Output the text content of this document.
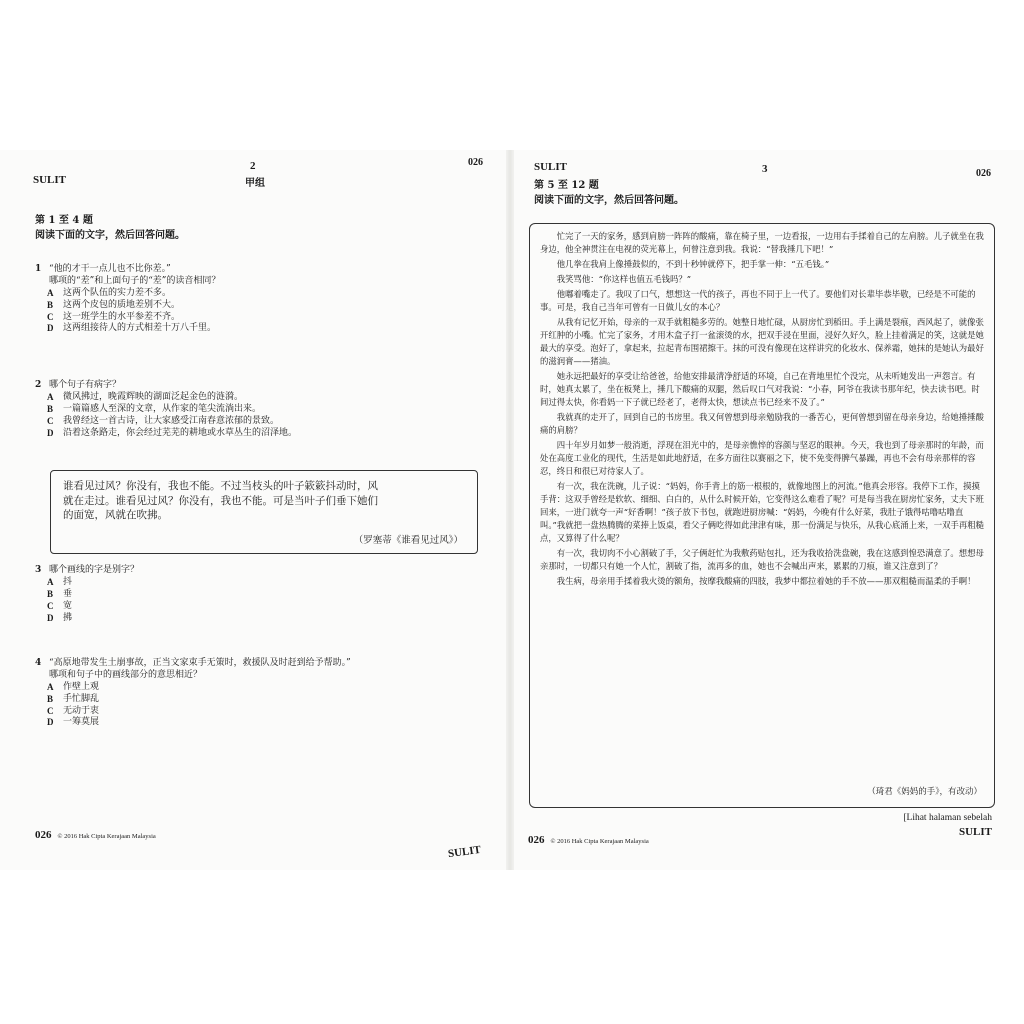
SULIT
2
甲组
026
第 1 至 4 题
阅读下面的文字，然后回答问题。
1 “他的才干一点儿也不比你差。”
哪项的“差”和上面句子的“差”的读音相同？
A	这两个队伍的实力差不多。
B	这两个皮包的质地差别不大。
C	这一班学生的水平参差不齐。
D	这两组接待人的方式相差十万八千里。
2 哪个句子有病字？
A	微风拂过，晚霞辉映的湖面泛起金色的涟漪。
B	一篇篇感人至深的文章，从作家的笔尖流淌出来。
C	我曾经这一首古诗，让大家感受江南春意浓郁的景致。
D	沿着这条路走，你会经过芜芜的耕地或水草丛生的沼泽地。
谁看见过风？你没有，我也不能。不过当枝头的叶子簌簌抖动时，风
就在走过。谁看见过风？你没有，我也不能。可是当叶子们垂下她们
的面宽，风就在吹拂。
（罗塞蒂《谁看见过风》）
3 哪个画线的字是别字？
A	抖
B	垂
C	宽
D	拂
4 “高原地带发生土崩事故，正当文家束手无策时，救援队及时赶到给予帮助。”
哪项和句子中的画线部分的意思相近？
A	作壁上观
B	手忙脚乱
C	无动于衷
D	一筹莫展
026 © 2016 Hak Cipta Kerajaan Malaysia
SULIT
SULIT	3	026
第 5 至 12 题
阅读下面的文字，然后回答问题。

忙完了一天的家务，感到肩膀一阵阵的酸痛，靠在椅子里，一边看报，一边用右手揉着自己的左肩膀。儿子就坐在我身边，他全神贯注在电视的荧光幕上，何曾注意到我。我说：“替我捶几下吧！”

他几拳在我肩上像捶鼓似的，不到十秒钟就停下，把手掌一伸：“五毛钱。”

我笑骂他：“你这样也值五毛钱吗？”

他嘟着嘴走了。我叹了口气，想想这一代的孩子，再也不同于上一代了。要他们对长辈毕恭毕敬，已经是不可能的事。可是，我自己当年可曾有一日做儿女的本心？

从我有记忆开始，母亲的一双手就粗糙多劳的。她整日地忙碌，从厨房忙到稻田。手上满是裂痕，西风起了，就像张开红肿的小嘴。忙完了家务，才用木盒子打一盆滚烫的水，把双手浸在里面，浸好久好久，脸上挂着满足的笑，这就是她最大的享受。泡好了，拿起来，拉起青布围裙擦干。抹的可没有像现在这样讲究的化妆水、保养霜，她抹的是她认为最好的滋润膏——猪油。

她永远把最好的享受让给爸爸，给他安排最清净舒适的环境，自己在背地里忙个没完，从未听她发出一声怨言。有时，她真太累了，坐在板凳上，捶几下酸痛的双腿，然后叹口气对我说：“小春，阿爷在我读书那年纪，快去读书吧。时间过得太快，你看妈一下子就已经老了，老得太快，想读点书已经来不及了。”

我就真的走开了，回到自己的书房里。我又何曾想到母亲勉励我的一番苦心，更何曾想到留在母亲身边，给她捶捶酸痛的肩膀？

四十年岁月如梦一般消逝，浮现在泪光中的，是母亲憔悴的容颜与坚忍的眼神。今天，我也到了母亲那时的年龄，而处在高度工业化的现代，生活是如此地舒适，在多方面往以赛丽之下，使不免变得脾气暴躁，再也不会有母亲那样的容忍，终日和很已对待家人了。

有一次，我在洗碗，儿子说：“妈妈，你手背上的筋一根根的，就像地图上的河流。”他真会形容。我停下工作，摸摸手背：这双手曾经是软软、细细、白白的，从什么时候开始，它变得这么难看了呢？可是每当我在厨房忙家务，丈夫下班回来，一进门就夸一声“好香啊！”孩子放下书包，就跑进厨房喊：“妈妈，今晚有什么好菜，我肚子饿得咕噜咕噜直叫。”我就把一盘热腾腾的菜捧上饭桌，看父子俩吃得如此津津有味，那一份满足与快乐，从我心底涌上来，一双手再粗糙点，又算得了什么呢？

有一次，我切肉不小心割破了手，父子俩赶忙为我敷药贴包扎，还为我收拾洗盘碗，我在这感到惶恐满意了。想想母亲那时，一切都只有她一个人忙，割破了指，流再多的血，她也不会喊出声来，累累的刀痕，谁又注意到了？

我生病，母亲用手揉着我火烫的额角，按摩我酸痛的四肢，我梦中都拉着她的手不放——那双粗糙而温柔的手啊！

（琦君《妈妈的手》，有改动）
[Lihat halaman sebelah
SULIT
026 © 2016 Hak Cipta Kerajaan Malaysia
